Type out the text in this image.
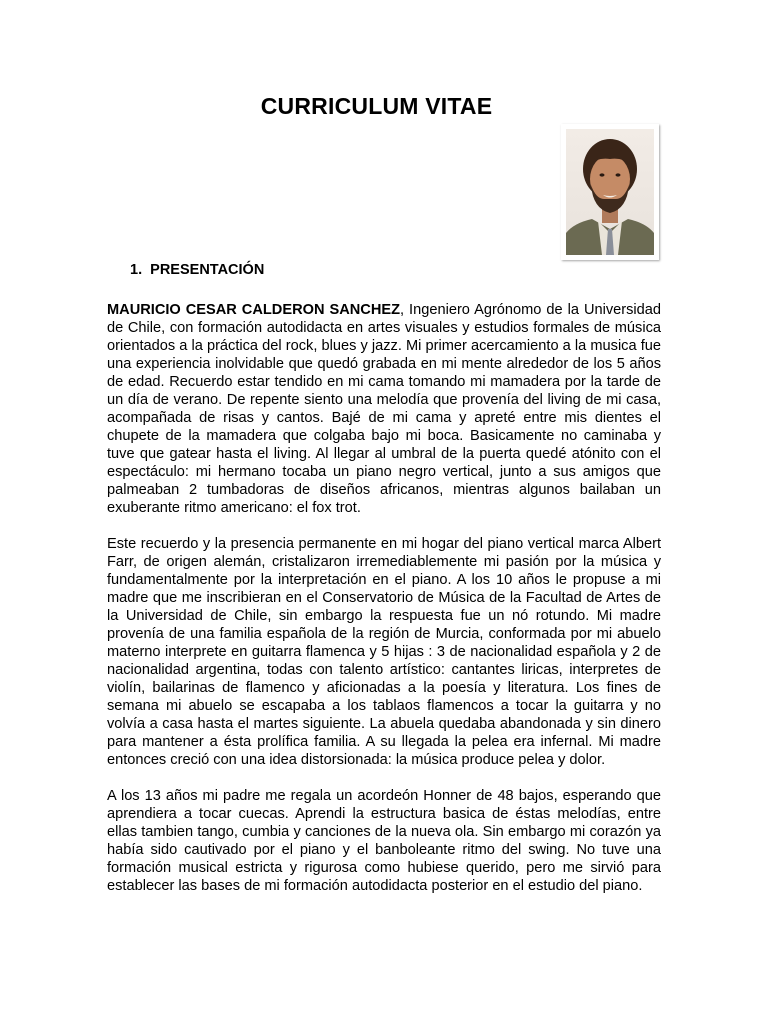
CURRICULUM VITAE
1. PRESENTACIÓN

MAURICIO CESAR CALDERON SANCHEZ, Ingeniero Agrónomo de la Universidad de Chile, con formación autodidacta en artes visuales y estudios formales de música orientados a la práctica del rock, blues y jazz. Mi primer acercamiento a la musica fue una experiencia inolvidable que quedó grabada en mi mente alrededor de los 5 años de edad. Recuerdo estar tendido en mi cama tomando mi mamadera por la tarde de un día de verano. De repente siento una melodía que provenía del living de mi casa, acompañada de risas y cantos. Bajé de mi cama y apreté entre mis dientes el chupete de la mamadera que colgaba bajo mi boca. Basicamente no caminaba y tuve que gatear hasta el living. Al llegar al umbral de la puerta quedé atónito con el espectáculo: mi hermano tocaba un piano negro vertical, junto a sus amigos que palmeaban 2 tumbadoras de diseños africanos, mientras algunos bailaban un exuberante ritmo americano: el fox trot.

Este recuerdo y la presencia permanente en mi hogar del piano vertical marca Albert Farr, de origen alemán, cristalizaron irremediablemente mi pasión por la música y fundamentalmente por la interpretación en el piano. A los 10 años le propuse a mi madre que me inscribieran en el Conservatorio de Música de la Facultad de Artes de la Universidad de Chile, sin embargo la respuesta fue un nó rotundo. Mi madre provenía de una familia española de la región de Murcia, conformada por mi abuelo materno interprete en guitarra flamenca y 5 hijas : 3 de nacionalidad española y 2 de nacionalidad argentina, todas con talento artístico: cantantes liricas, interpretes de violín, bailarinas de flamenco y aficionadas a la poesía y literatura. Los fines de semana mi abuelo se escapaba a los tablaos flamencos a tocar la guitarra y no volvía a casa hasta el martes siguiente. La abuela quedaba abandonada y sin dinero para mantener a ésta prolífica familia. A su llegada la pelea era infernal. Mi madre entonces creció con una idea distorsionada: la música produce pelea y dolor.

A los 13 años mi padre me regala un acordeón Honner de 48 bajos, esperando que aprendiera a tocar cuecas. Aprendi la estructura basica de éstas melodías, entre ellas tambien tango, cumbia y canciones de la nueva ola. Sin embargo mi corazón ya había sido cautivado por el piano y el banboleante ritmo del swing. No tuve una formación musical estricta y rigurosa como hubiese querido, pero me sirvió para establecer las bases de mi formación autodidacta posterior en el estudio del piano.
